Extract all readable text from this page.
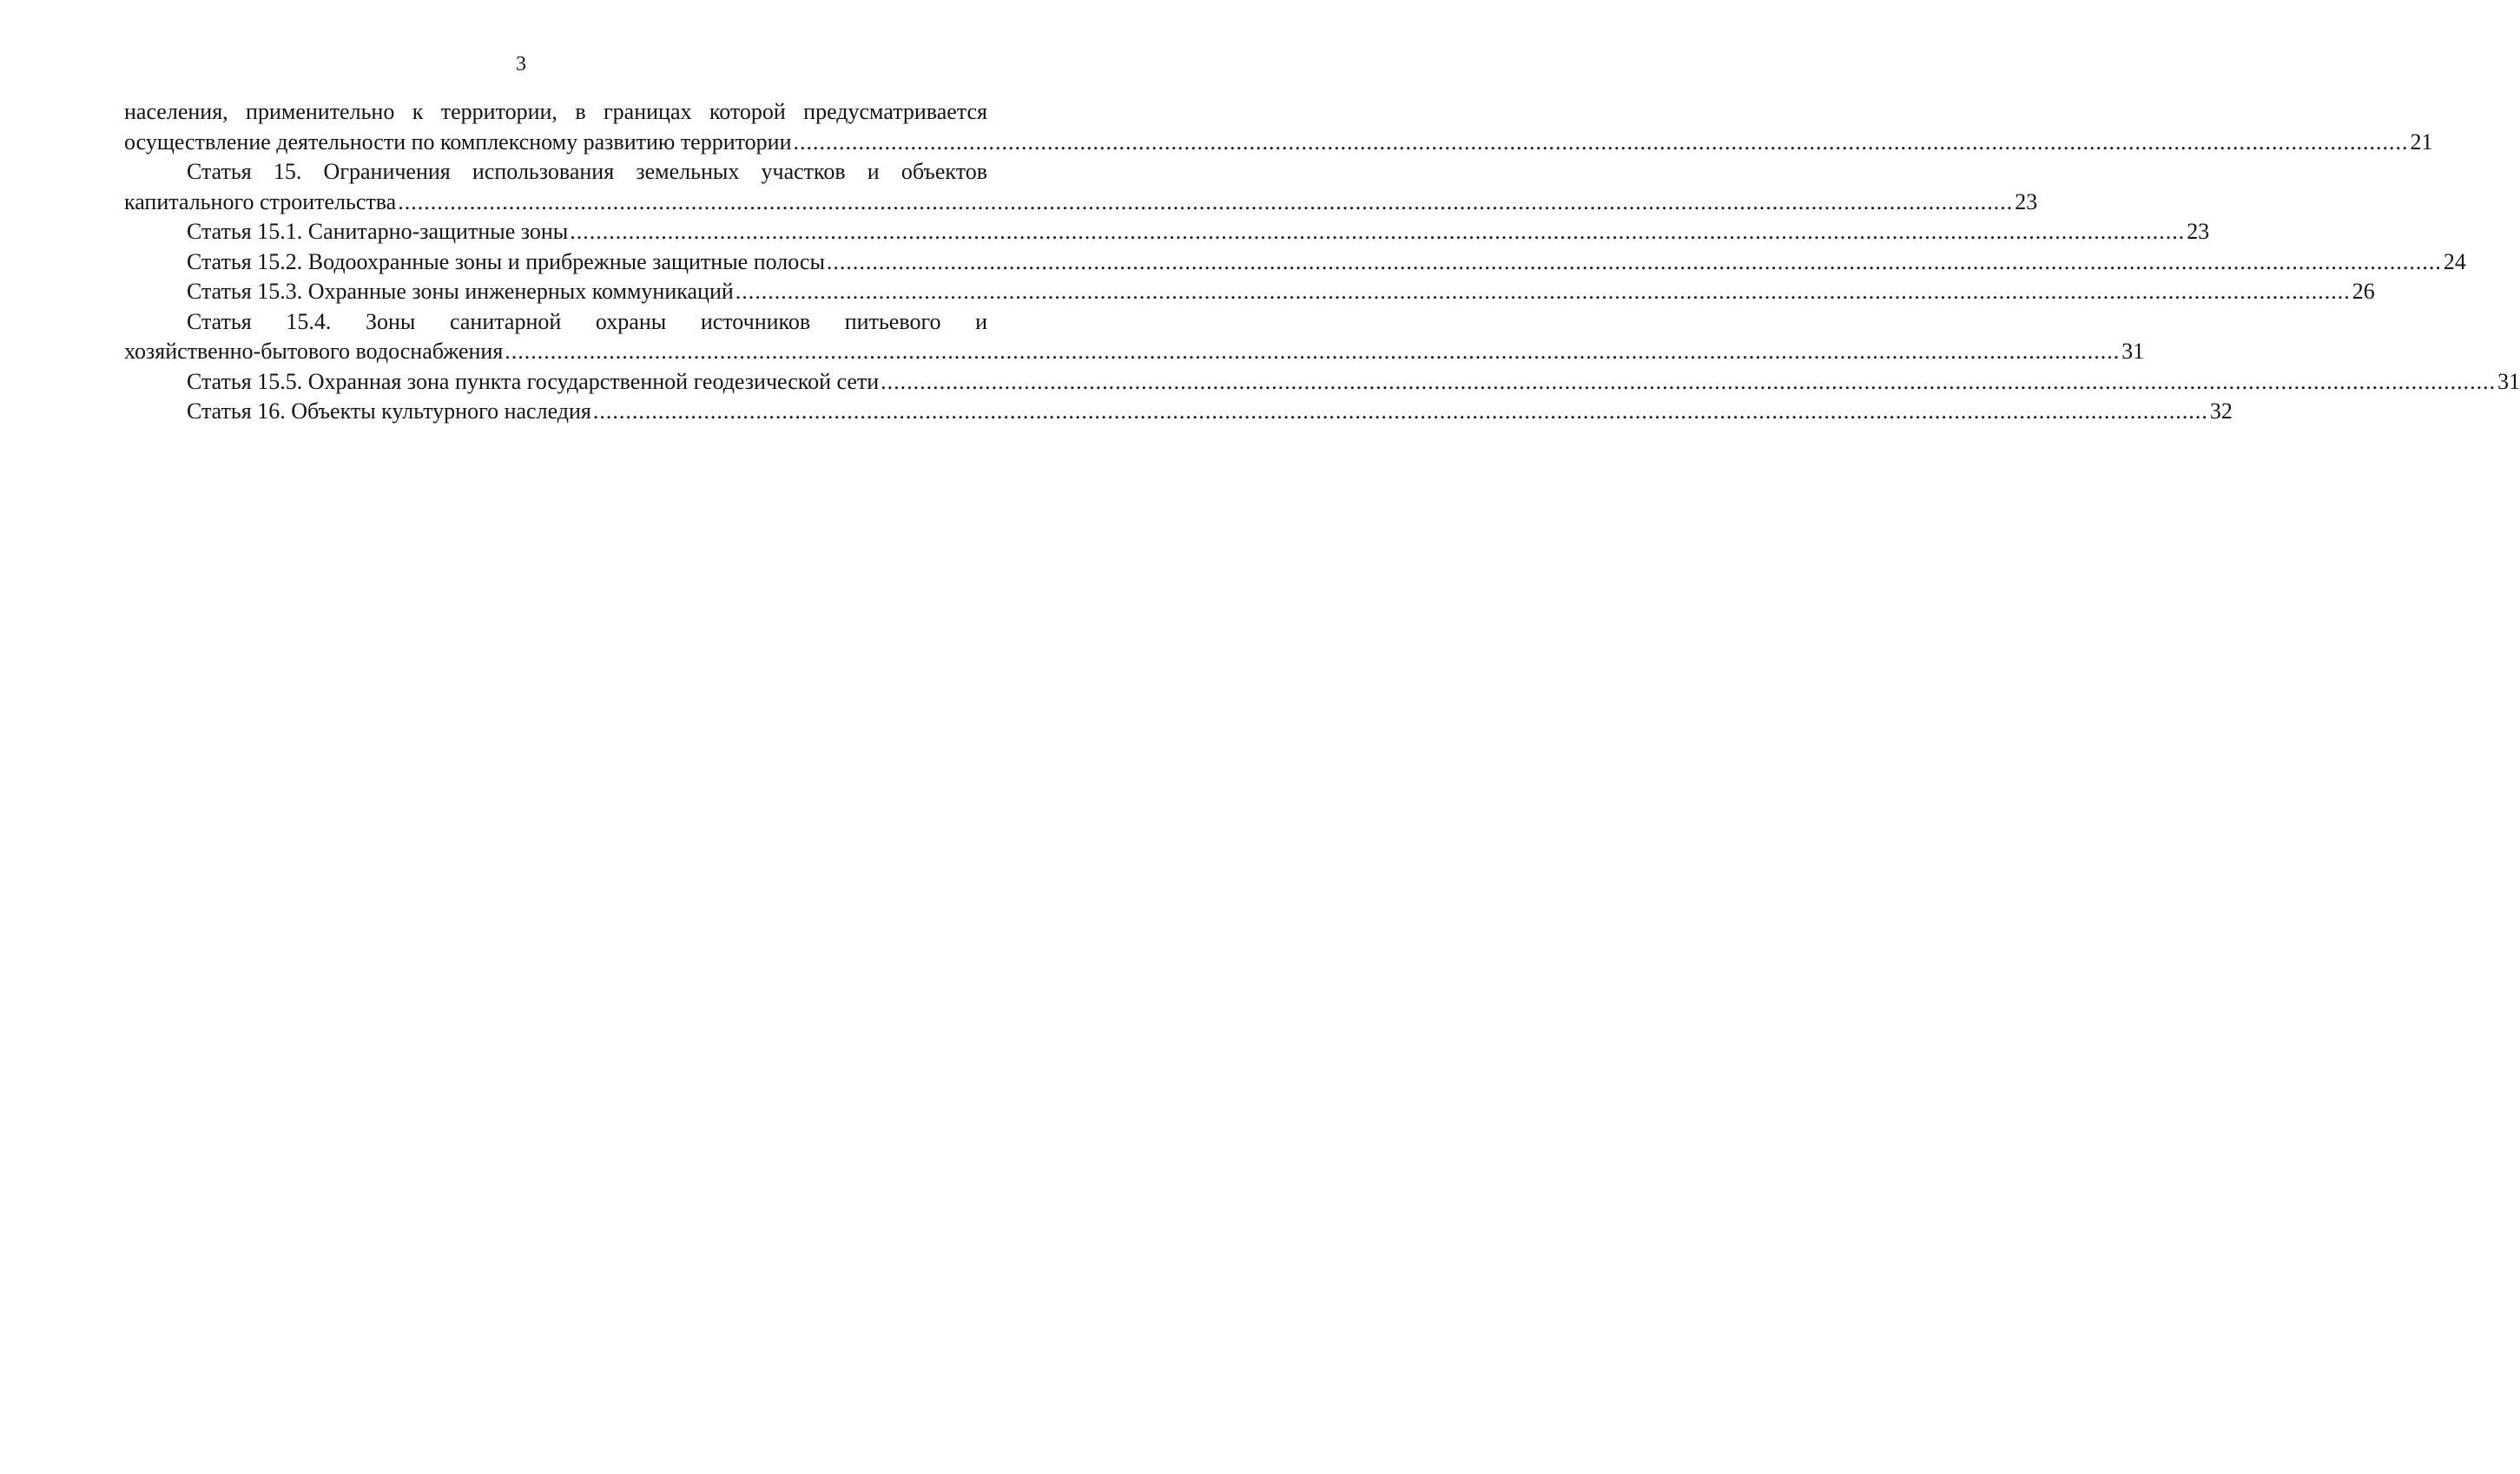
3
населения, применительно к территории, в границах которой предусматривается
осуществление деятельности по комплексному развитию территории .....	21
Статья 15. Ограничения использования земельных участков и объектов
капитального строительства .....	23
Статья 15.1. Санитарно-защитные зоны .....	23
Статья 15.2. Водоохранные зоны и прибрежные защитные полосы .....	24
Статья 15.3. Охранные зоны инженерных коммуникаций .....	26
Статья 15.4. Зоны санитарной охраны источников питьевого и
хозяйственно-бытового водоснабжения .....	31
Статья 15.5. Охранная зона пункта государственной геодезической сети .....	31
Статья 16. Объекты культурного наследия .....	32
